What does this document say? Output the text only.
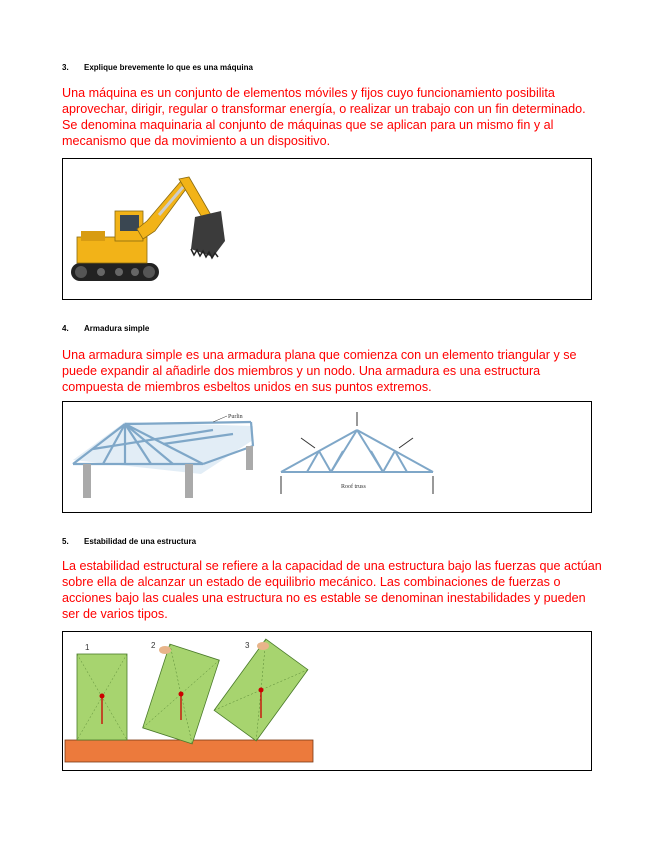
3. Explique brevemente lo que es una máquina
Una máquina es un conjunto de elementos móviles y fijos cuyo funcionamiento posibilita aprovechar, dirigir, regular o transformar energía, o realizar un trabajo con un fin determinado. Se denomina maquinaria al conjunto de máquinas que se aplican para un mismo fin y al mecanismo que da movimiento a un dispositivo.
4. Armadura simple
Una armadura simple es una armadura plana que comienza con un elemento triangular y se puede expandir al añadirle dos miembros y un nodo. Una armadura es una estructura compuesta de miembros esbeltos unidos en sus puntos extremos.
Purlin
Roof truss
5. Estabilidad de una estructura
La estabilidad estructural se refiere a la capacidad de una estructura bajo las fuerzas que actúan sobre ella de alcanzar un estado de equilibrio mecánico. Las combinaciones de fuerzas o acciones bajo las cuales una estructura no es estable se denominan inestabilidades y pueden ser de varios tipos.
1	2	3
